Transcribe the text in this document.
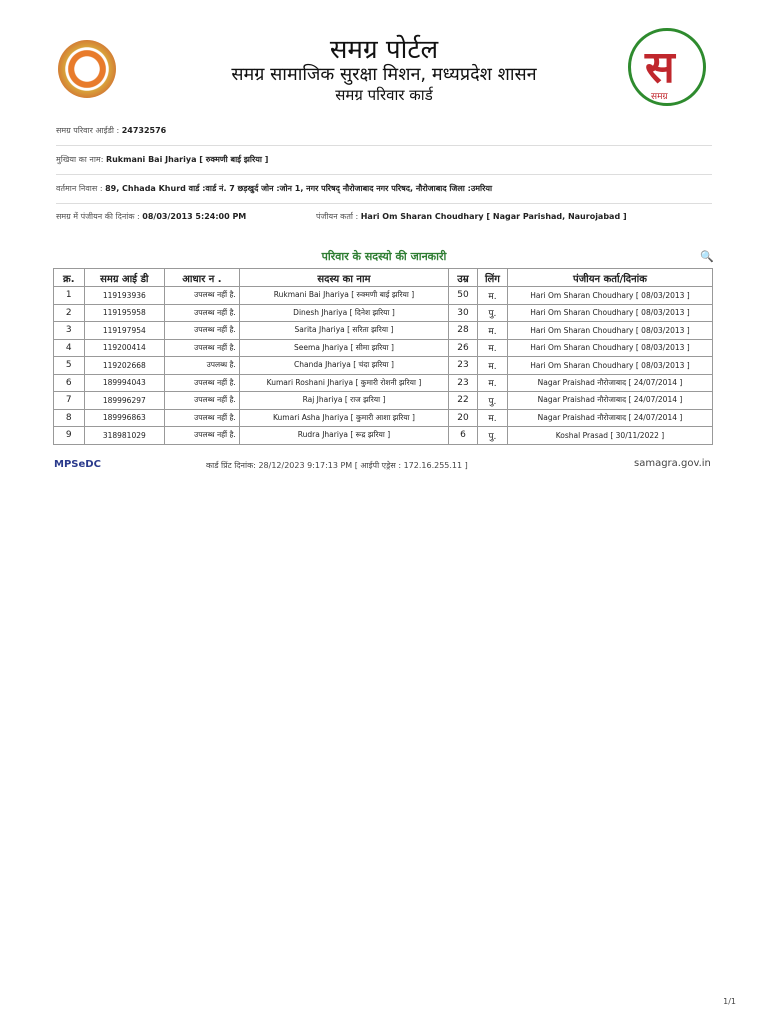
समग्र पोर्टल
समग्र सामाजिक सुरक्षा मिशन, मध्यप्रदेश शासन
समग्र परिवार कार्ड
स
समग्र
समग्र परिवार आईडी : 24732576
मुखिया का नाम: Rukmani Bai Jhariya [ रुक्मणी बाई झरिया ]
वर्तमान निवास : 89, Chhada Khurd वार्ड :वार्ड नं. 7 छड़खुर्द जोन :जोन 1, नगर परिषद् नौरोजाबाद नगर परिषद, नौरोजाबाद जिला :उमरिया
समग्र में पंजीयन की दिनांक : 08/03/2013 5:24:00 PM	पंजीयन कर्ता : Hari Om Sharan Choudhary [ Nagar Parishad, Naurojabad ]
परिवार के सदस्यो की जानकारी	🔍
क्र.	समग्र आई डी	आधार न .	सदस्य का नाम	उम्र	लिंग	पंजीयन कर्ता/दिनांक
1	119193936	उपलब्ध नहीं है.	Rukmani Bai Jhariya [ रुक्मणी बाई झरिया ]	50	म.	Hari Om Sharan Choudhary [ 08/03/2013 ]
2	119195958	उपलब्ध नहीं है.	Dinesh Jhariya [ दिनेश झरिया ]	30	पु.	Hari Om Sharan Choudhary [ 08/03/2013 ]
3	119197954	उपलब्ध नहीं है.	Sarita Jhariya [ सरिता झरिया ]	28	म.	Hari Om Sharan Choudhary [ 08/03/2013 ]
4	119200414	उपलब्ध नहीं है.	Seema Jhariya [ सीमा झरिया ]	26	म.	Hari Om Sharan Choudhary [ 08/03/2013 ]
5	119202668	उपलब्ध है.	Chanda Jhariya [ चंदा झरिया ]	23	म.	Hari Om Sharan Choudhary [ 08/03/2013 ]
6	189994043	उपलब्ध नहीं है.	Kumari Roshani Jhariya [ कुमारी रोशनी झरिया ]	23	म.	Nagar Praishad नौरोजाबाद [ 24/07/2014 ]
7	189996297	उपलब्ध नहीं है.	Raj Jhariya [ राज झरिया ]	22	पु.	Nagar Praishad नौरोजाबाद [ 24/07/2014 ]
8	189996863	उपलब्ध नहीं है.	Kumari Asha Jhariya [ कुमारी आशा झरिया ]	20	म.	Nagar Praishad नौरोजाबाद [ 24/07/2014 ]
9	318981029	उपलब्ध नहीं है.	Rudra Jhariya [ रूद्र झरिया ]	6	पु.	Koshal Prasad [ 30/11/2022 ]
MPSeDC	कार्ड प्रिंट दिनांक: 28/12/2023 9:17:13 PM [ आईपी एड्रेस : 172.16.255.11 ]	samagra.gov.in
1/1
